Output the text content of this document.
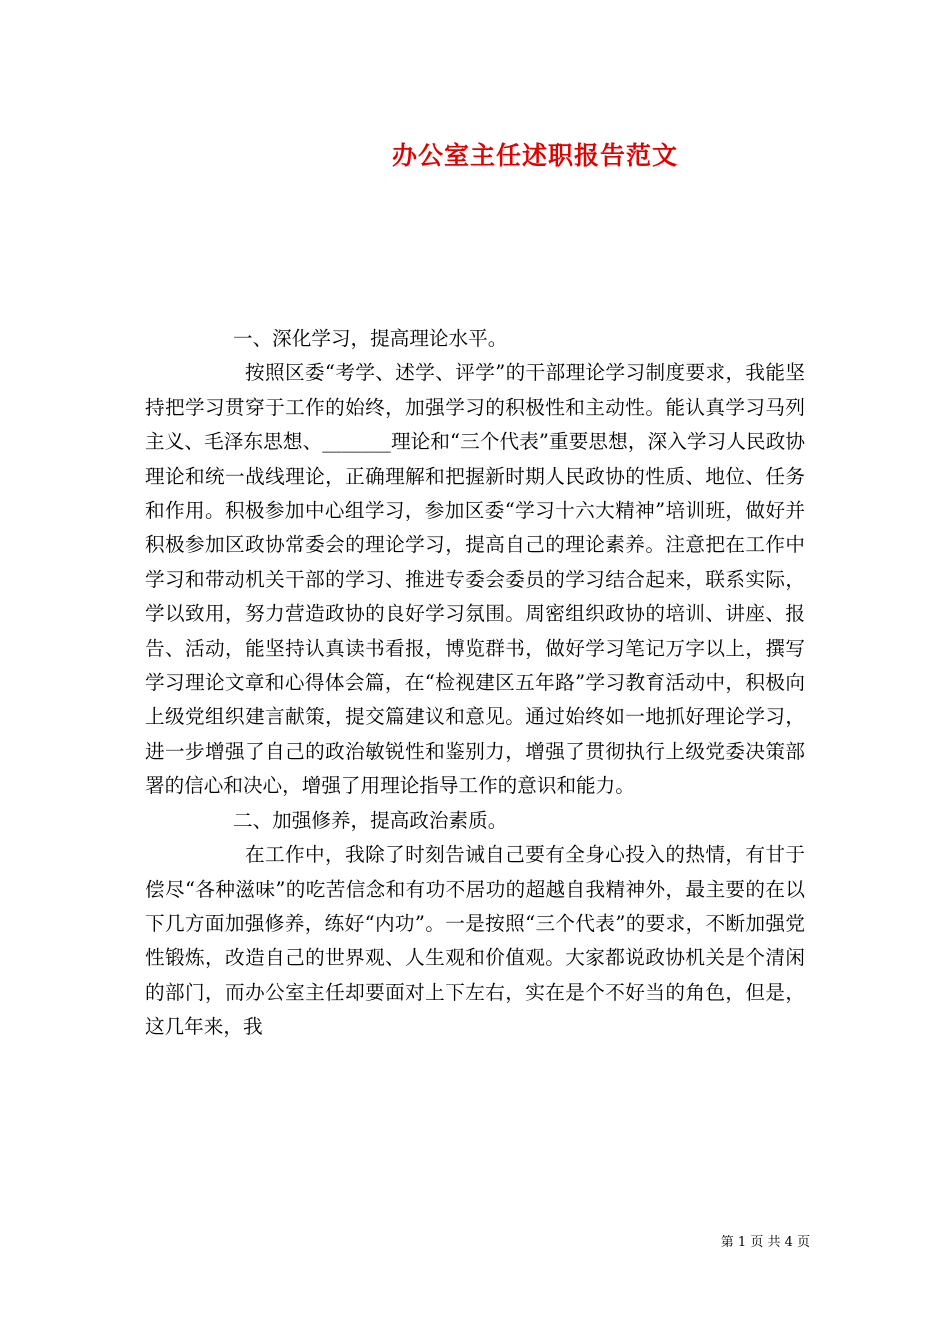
办公室主任述职报告范文

一、深化学习，提高理论水平。

按照区委“考学、述学、评学”的干部理论学习制度要求，我能坚持把学习贯穿于工作的始终，加强学习的积极性和主动性。能认真学习马列主义、毛泽东思想、_______理论和“三个代表”重要思想，深入学习人民政协理论和统一战线理论，正确理解和把握新时期人民政协的性质、地位、任务和作用。积极参加中心组学习，参加区委“学习十六大精神”培训班，做好并积极参加区政协常委会的理论学习，提高自己的理论素养。注意把在工作中学习和带动机关干部的学习、推进专委会委员的学习结合起来，联系实际，学以致用，努力营造政协的良好学习氛围。周密组织政协的培训、讲座、报告、活动，能坚持认真读书看报，博览群书，做好学习笔记万字以上，撰写学习理论文章和心得体会篇，在“检视建区五年路”学习教育活动中，积极向上级党组织建言献策，提交篇建议和意见。通过始终如一地抓好理论学习，进一步增强了自己的政治敏锐性和鉴别力，增强了贯彻执行上级党委决策部署的信心和决心，增强了用理论指导工作的意识和能力。

二、加强修养，提高政治素质。

在工作中，我除了时刻告诫自己要有全身心投入的热情，有甘于偿尽“各种滋味”的吃苦信念和有功不居功的超越自我精神外，最主要的在以下几方面加强修养，练好“内功”。一是按照“三个代表”的要求，不断加强党性锻炼，改造自己的世界观、人生观和价值观。大家都说政协机关是个清闲的部门，而办公室主任却要面对上下左右，实在是个不好当的角色，但是，这几年来，我

第 1 页 共 4 页
